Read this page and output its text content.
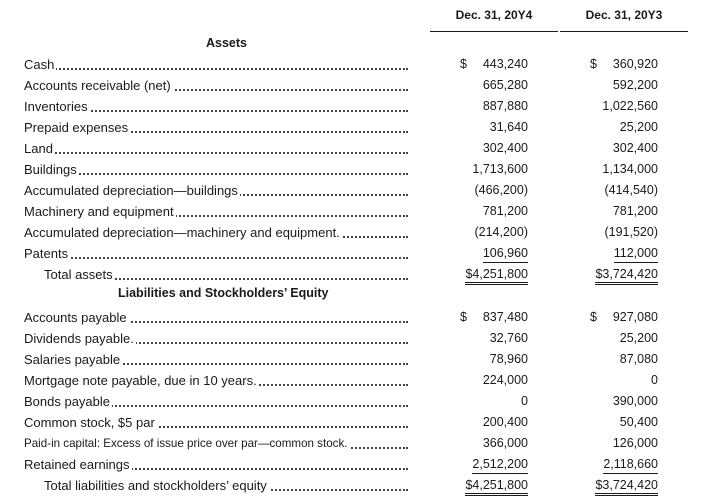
Dec. 31, 20Y4	Dec. 31, 20Y3
Assets
Cash	$ 443,240	$ 360,920
Accounts receivable (net)	665,280	592,200
Inventories	887,880	1,022,560
Prepaid expenses	31,640	25,200
Land	302,400	302,400
Buildings	1,713,600	1,134,000
Accumulated depreciation—buildings	(466,200)	(414,540)
Machinery and equipment	781,200	781,200
Accumulated depreciation—machinery and equipment.	(214,200)	(191,520)
Patents	106,960	112,000
Total assets	$4,251,800	$3,724,420
Liabilities and Stockholders’ Equity
Accounts payable	$ 837,480	$ 927,080
Dividends payable.	32,760	25,200
Salaries payable	78,960	87,080
Mortgage note payable, due in 10 years.	224,000	0
Bonds payable	0	390,000
Common stock, $5 par	200,400	50,400
Paid-in capital: Excess of issue price over par—common stock.	366,000	126,000
Retained earnings	2,512,200	2,118,660
Total liabilities and stockholders’ equity	$4,251,800	$3,724,420
